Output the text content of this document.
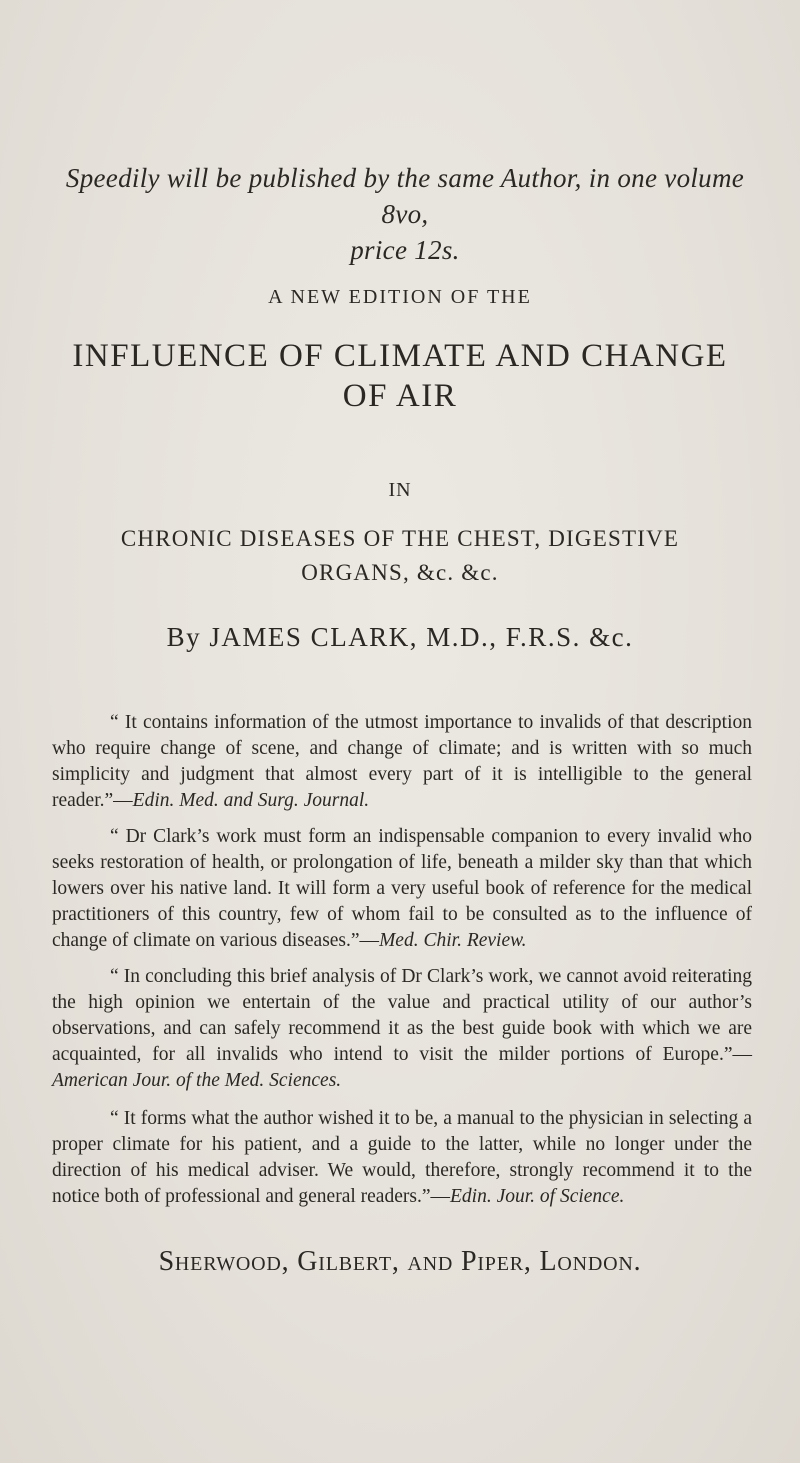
Speedily will be published by the same Author, in one volume 8vo,
price 12s.
A NEW EDITION OF THE
INFLUENCE OF CLIMATE AND CHANGE
OF AIR
IN
CHRONIC DISEASES OF THE CHEST, DIGESTIVE
ORGANS, &c. &c.
By JAMES CLARK, M.D., F.R.S. &c.

“ It contains information of the utmost importance to invalids of that description who require change of scene, and change of climate; and is written with so much simplicity and judgment that almost every part of it is intelligible to the general reader.”—Edin. Med. and Surg. Journal.

“ Dr Clark’s work must form an indispensable companion to every invalid who seeks restoration of health, or prolongation of life, beneath a milder sky than that which lowers over his native land. It will form a very useful book of reference for the medical practitioners of this country, few of whom fail to be consulted as to the influence of change of climate on various diseases.”—Med. Chir. Review.

“ In concluding this brief analysis of Dr Clark’s work, we cannot avoid reiterating the high opinion we entertain of the value and practical utility of our author’s observations, and can safely recommend it as the best guide book with which we are acquainted, for all invalids who intend to visit the milder portions of Europe.”—American Jour. of the Med. Sciences.

“ It forms what the author wished it to be, a manual to the physician in selecting a proper climate for his patient, and a guide to the latter, while no longer under the direction of his medical adviser. We would, therefore, strongly recommend it to the notice both of professional and general readers.”—Edin. Jour. of Science.

Sherwood, Gilbert, and Piper, London.
